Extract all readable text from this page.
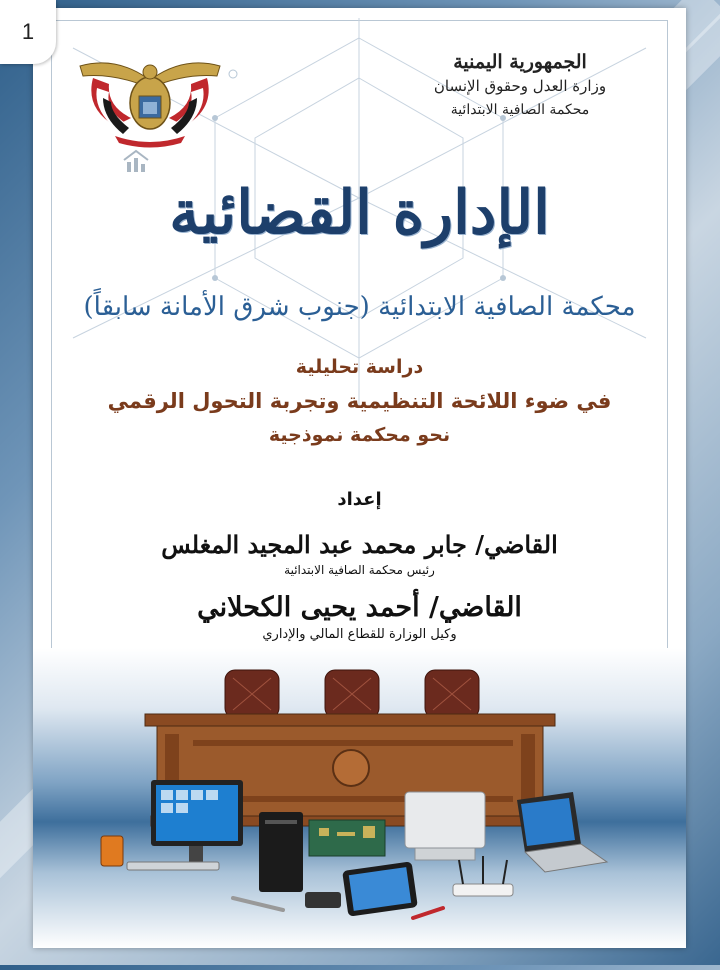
1
الجمهورية اليمنية
وزارة العدل وحقوق الإنسان
محكمة الصافية الابتدائية
الإدارة القضائية
محكمة الصافية الابتدائية (جنوب شرق الأمانة سابقاً)
دراسة تحليلية
في ضوء اللائحة التنظيمية وتجربة التحول الرقمي
نحو محكمة نموذجية
إعداد
القاضي/ جابر محمد عبد المجيد المغلس
رئيس محكمة الصافية الابتدائية
القاضي/ أحمد يحيى الكحلاني
وكيل الوزارة للقطاع المالي والإداري
